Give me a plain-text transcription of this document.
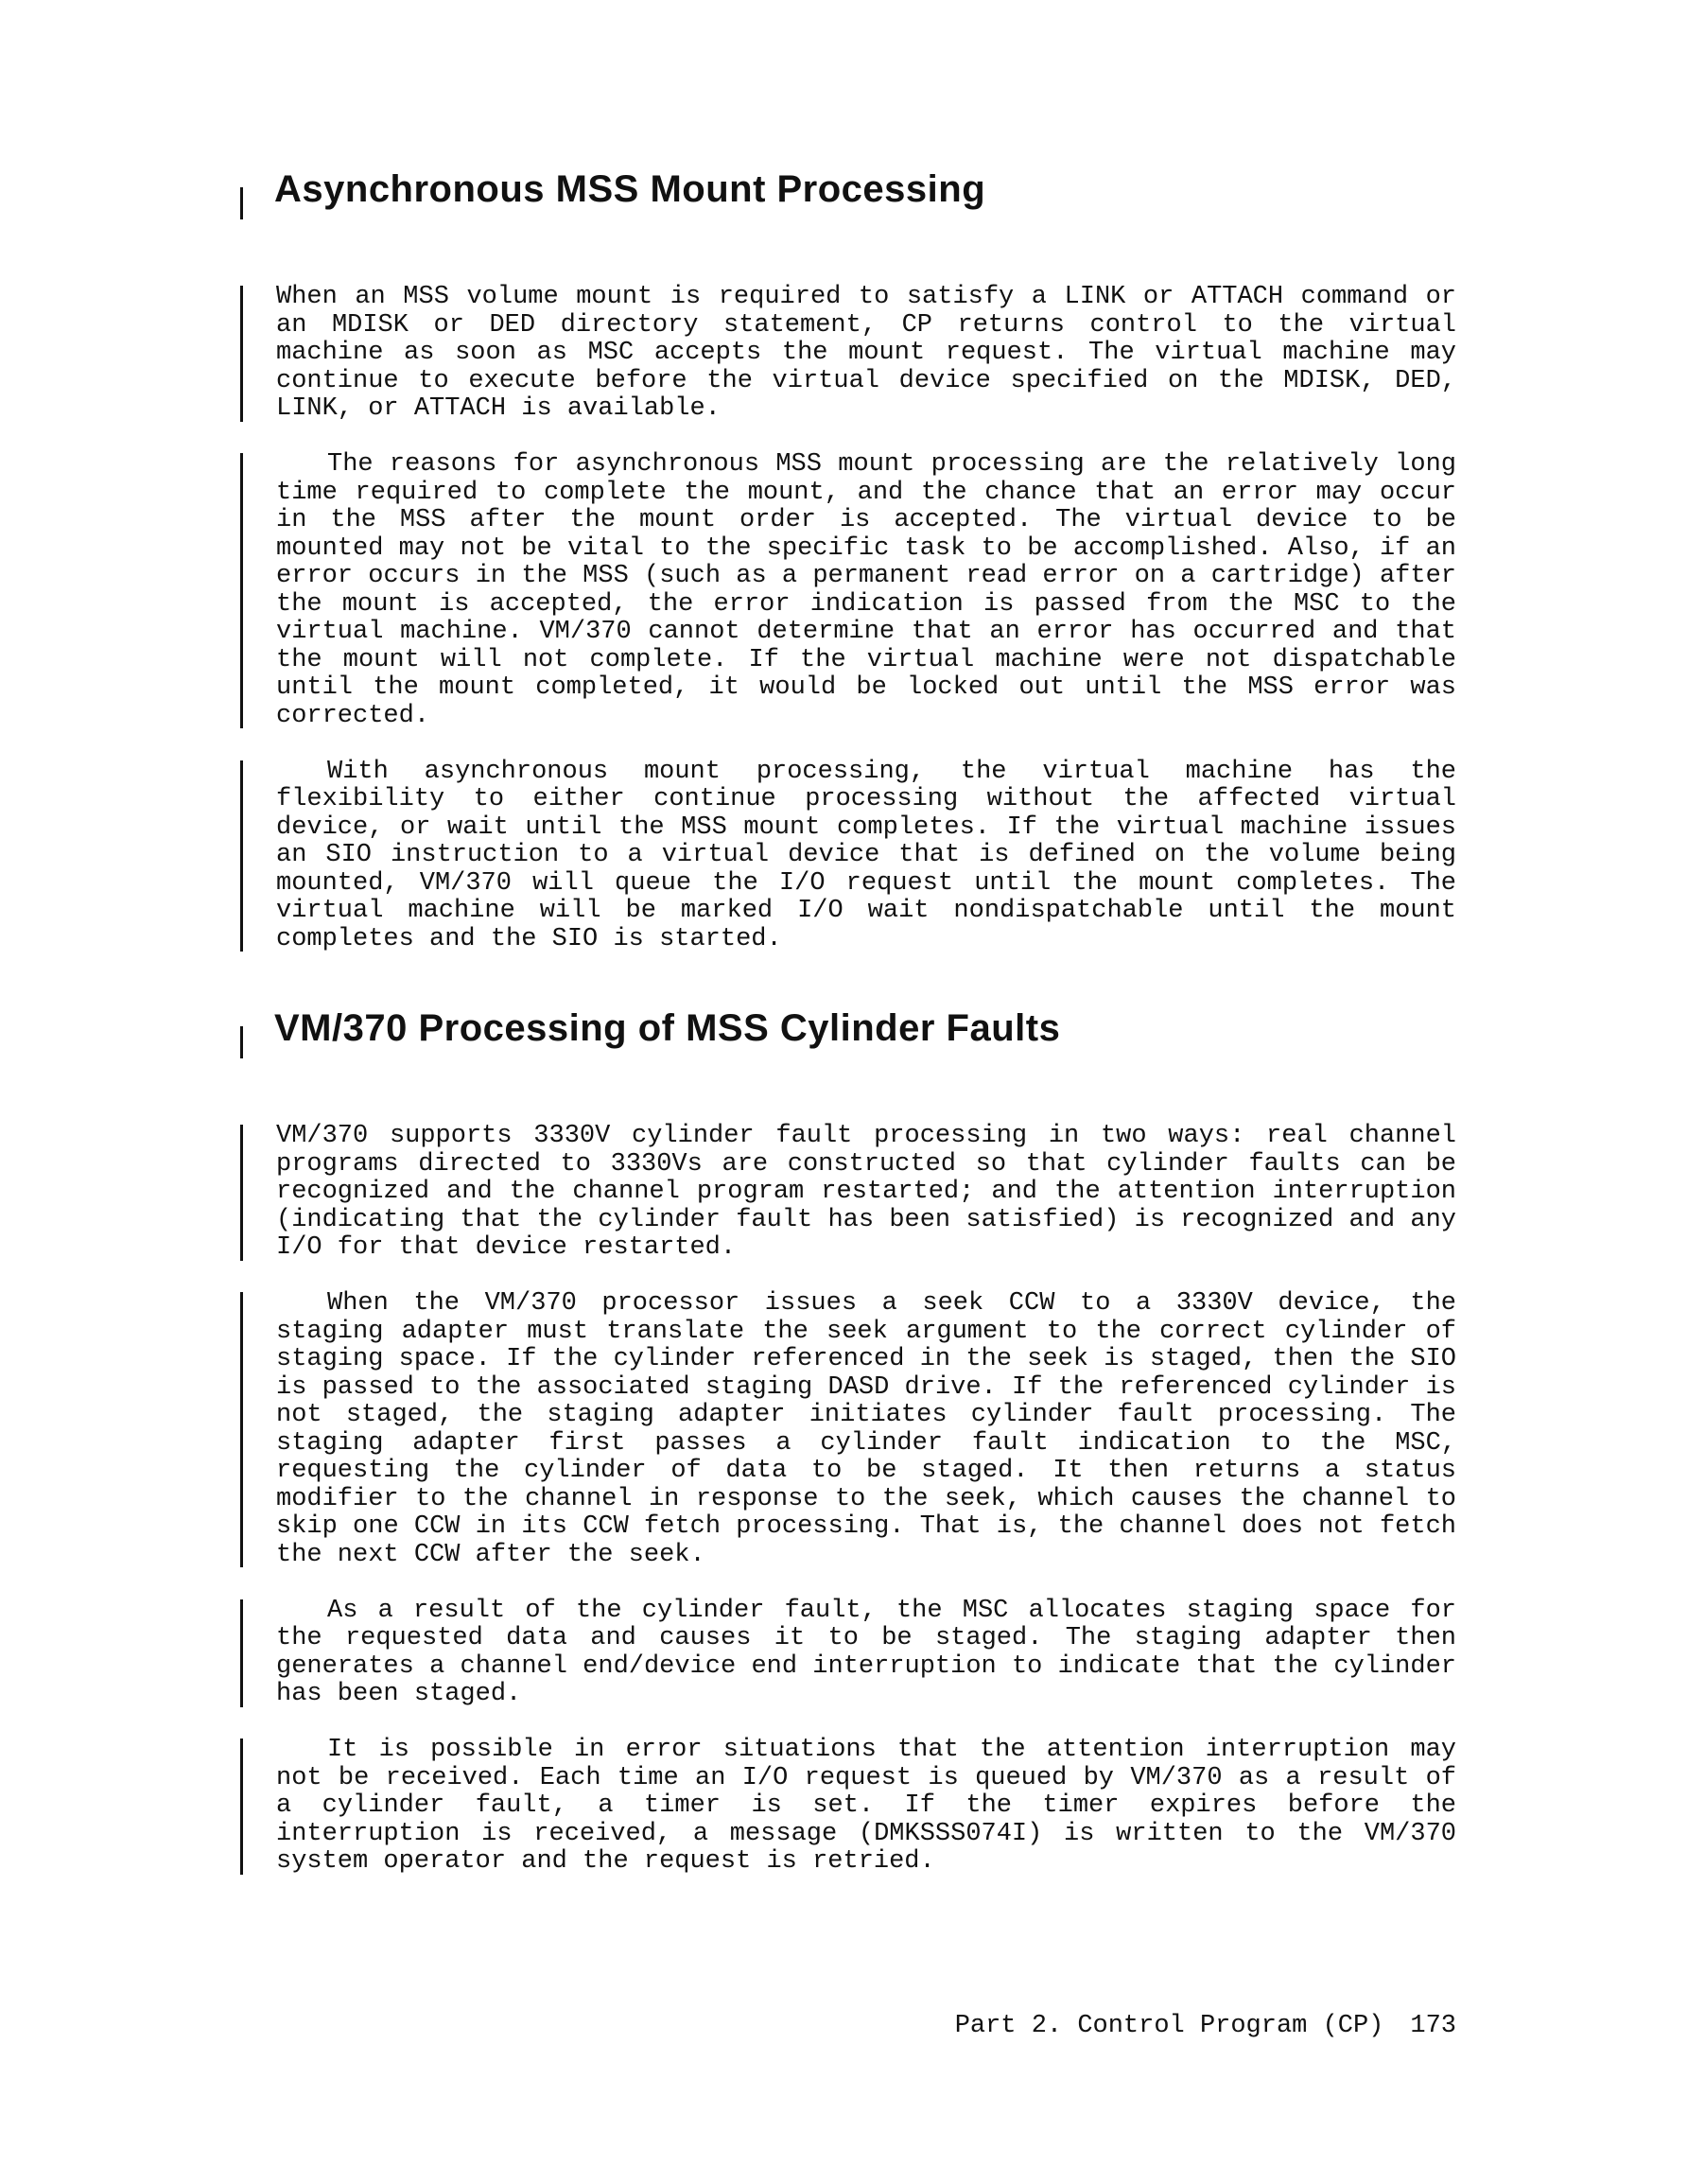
Asynchronous MSS Mount Processing

When an MSS volume mount is required to satisfy a LINK or ATTACH command or an MDISK or DED directory statement, CP returns control to the virtual machine as soon as MSC accepts the mount request. The virtual machine may continue to execute before the virtual device specified on the MDISK, DED, LINK, or ATTACH is available.

The reasons for asynchronous MSS mount processing are the relatively long time required to complete the mount, and the chance that an error may occur in the MSS after the mount order is accepted. The virtual device to be mounted may not be vital to the specific task to be accomplished. Also, if an error occurs in the MSS (such as a permanent read error on a cartridge) after the mount is accepted, the error indication is passed from the MSC to the virtual machine. VM/370 cannot determine that an error has occurred and that the mount will not complete. If the virtual machine were not dispatchable until the mount completed, it would be locked out until the MSS error was corrected.

With asynchronous mount processing, the virtual machine has the flexibility to either continue processing without the affected virtual device, or wait until the MSS mount completes. If the virtual machine issues an SIO instruction to a virtual device that is defined on the volume being mounted, VM/370 will queue the I/O request until the mount completes. The virtual machine will be marked I/O wait nondispatchable until the mount completes and the SIO is started.

VM/370 Processing of MSS Cylinder Faults

VM/370 supports 3330V cylinder fault processing in two ways: real channel programs directed to 3330Vs are constructed so that cylinder faults can be recognized and the channel program restarted; and the attention interruption (indicating that the cylinder fault has been satisfied) is recognized and any I/O for that device restarted.

When the VM/370 processor issues a seek CCW to a 3330V device, the staging adapter must translate the seek argument to the correct cylinder of staging space. If the cylinder referenced in the seek is staged, then the SIO is passed to the associated staging DASD drive. If the referenced cylinder is not staged, the staging adapter initiates cylinder fault processing. The staging adapter first passes a cylinder fault indication to the MSC, requesting the cylinder of data to be staged. It then returns a status modifier to the channel in response to the seek, which causes the channel to skip one CCW in its CCW fetch processing. That is, the channel does not fetch the next CCW after the seek.

As a result of the cylinder fault, the MSC allocates staging space for the requested data and causes it to be staged. The staging adapter then generates a channel end/device end interruption to indicate that the cylinder has been staged.

It is possible in error situations that the attention interruption may not be received. Each time an I/O request is queued by VM/370 as a result of a cylinder fault, a timer is set. If the timer expires before the interruption is received, a message (DMKSSS074I) is written to the VM/370 system operator and the request is retried.

Part 2. Control Program (CP) 173
